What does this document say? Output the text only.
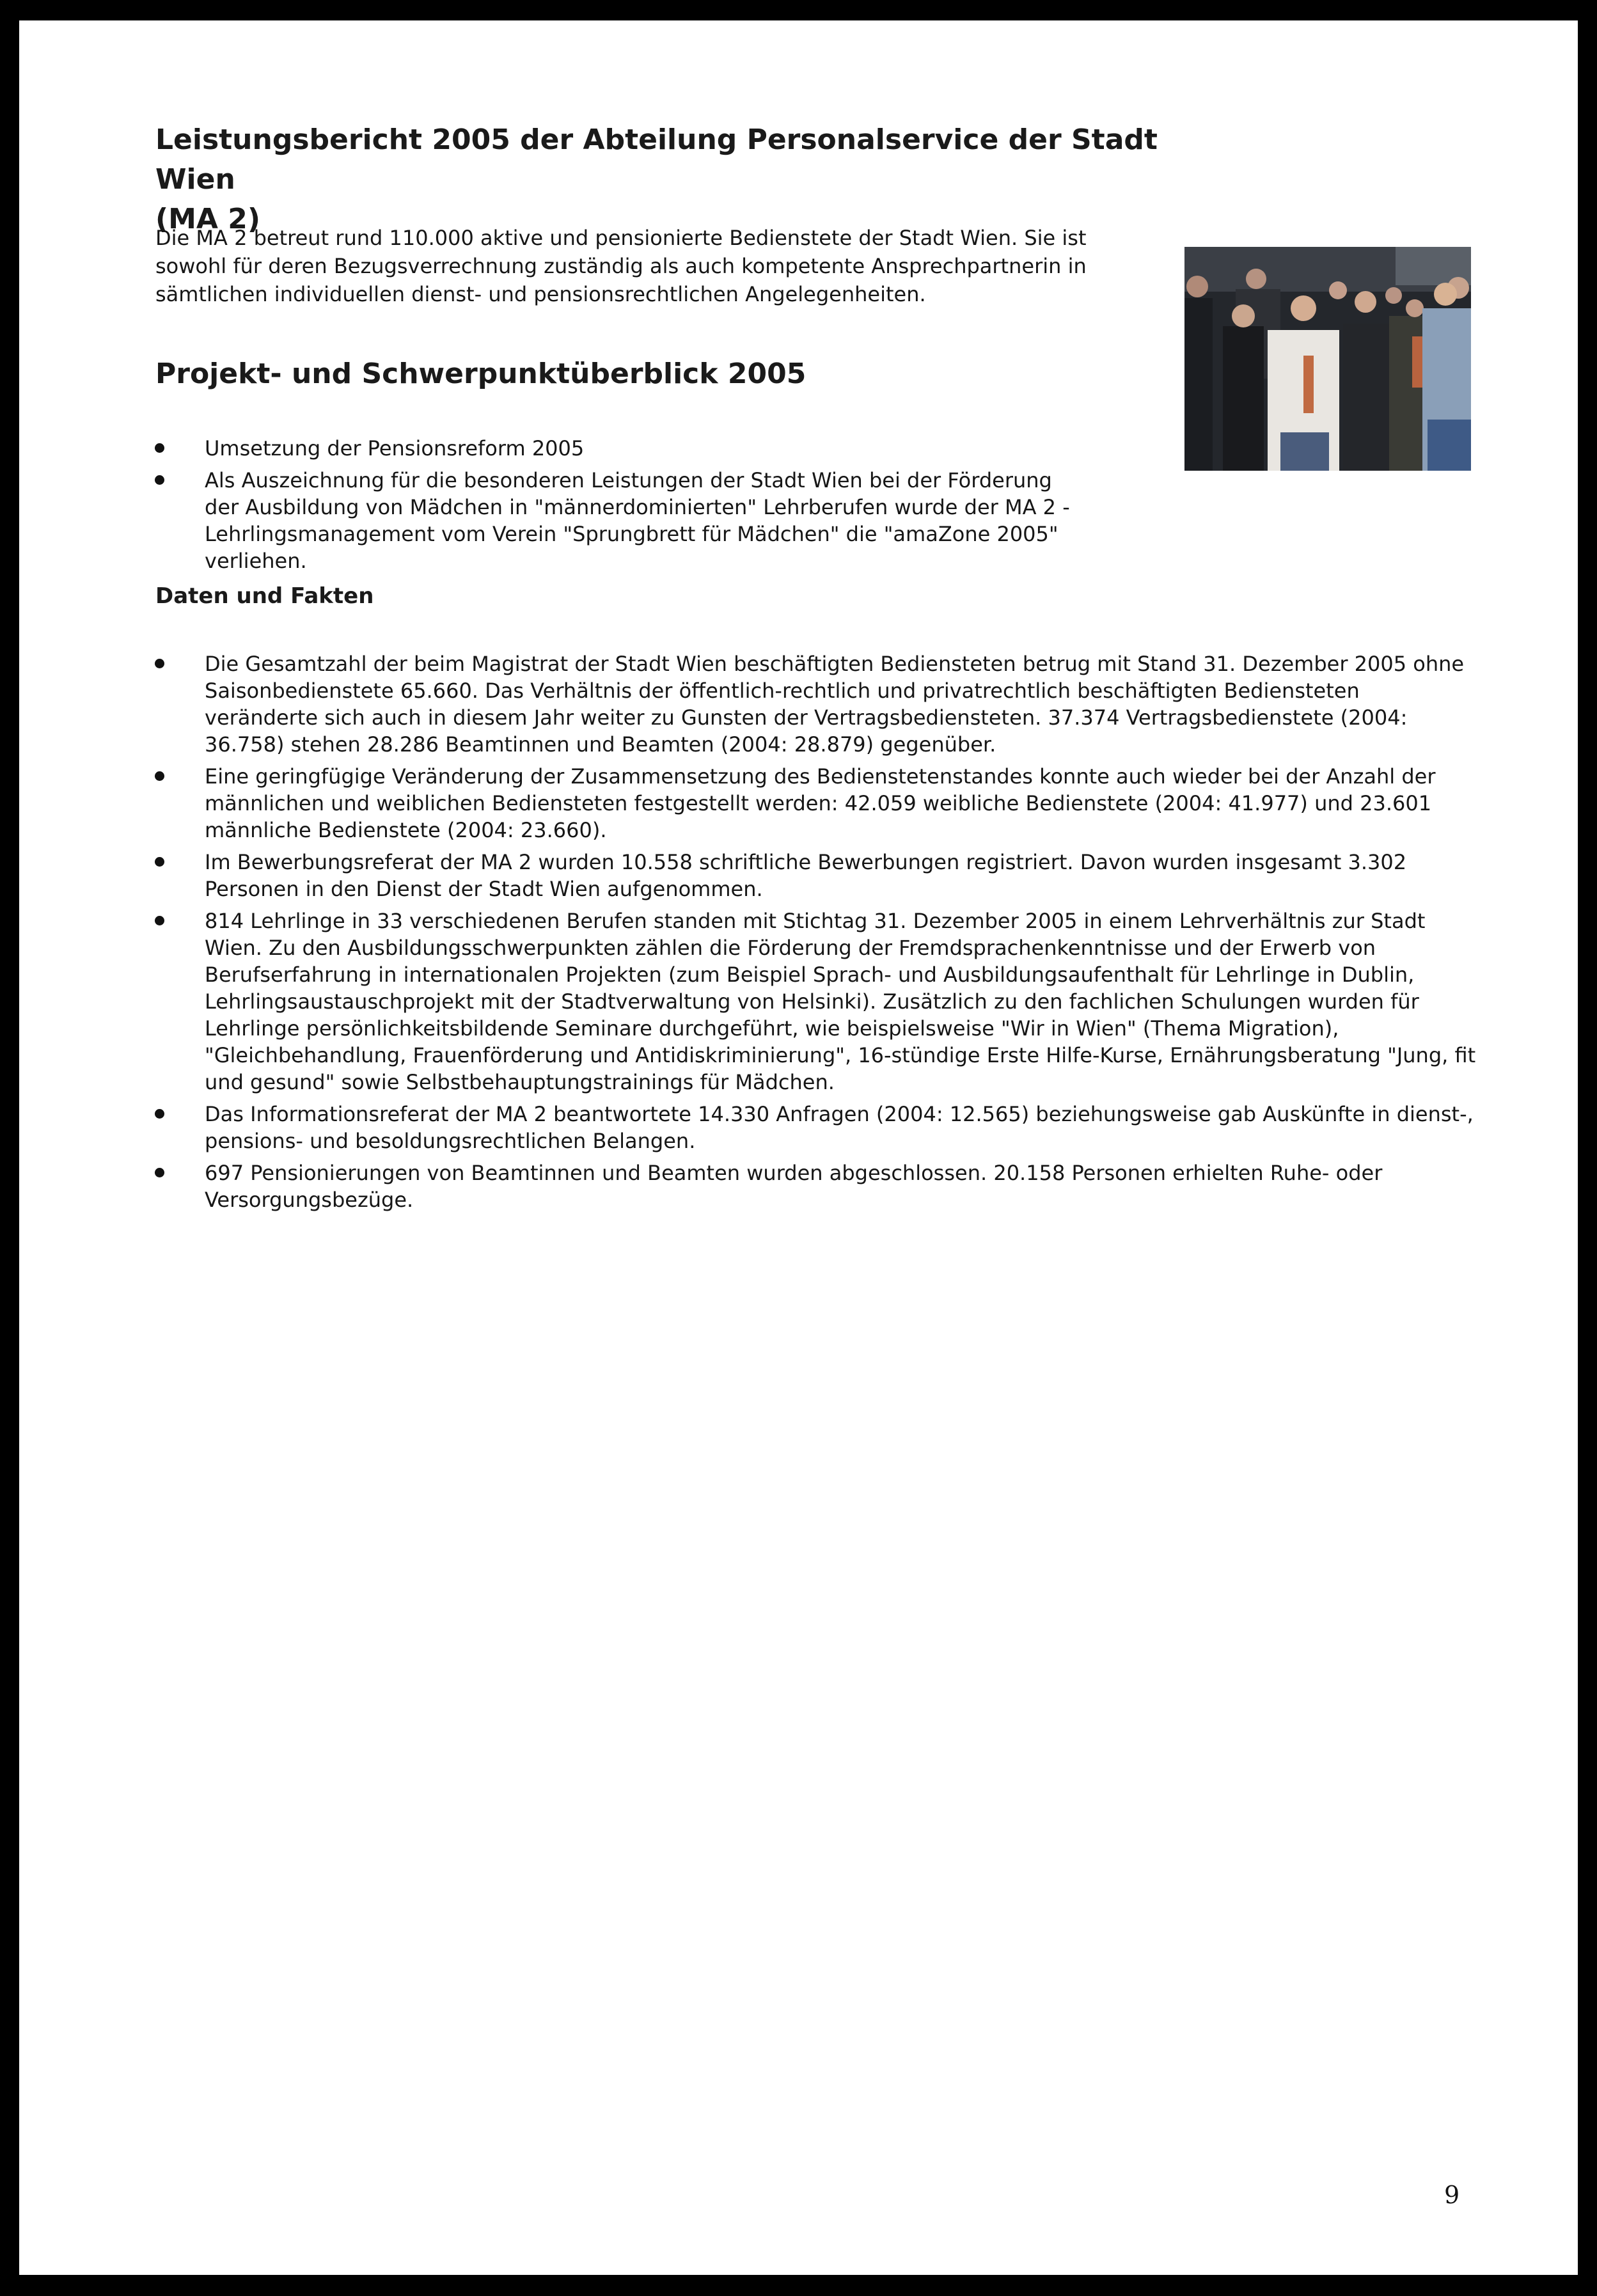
Leistungsbericht 2005 der Abteilung Personalservice der Stadt Wien
(MA 2)

Die MA 2 betreut rund 110.000 aktive und pensionierte Bedienstete der Stadt Wien. Sie ist sowohl für deren Bezugsverrechnung zuständig als auch kompetente Ansprechpartnerin in sämtlichen individuellen dienst- und pensionsrechtlichen Angelegenheiten.

Projekt- und Schwerpunktüberblick 2005
Umsetzung der Pensionsreform 2005
Als Auszeichnung für die besonderen Leistungen der Stadt Wien bei der Förderung der Ausbildung von Mädchen in "männerdominierten" Lehrberufen wurde der MA 2 - Lehrlingsmanagement vom Verein "Sprungbrett für Mädchen" die "amaZone 2005" verliehen.
Daten und Fakten
Die Gesamtzahl der beim Magistrat der Stadt Wien beschäftigten Bediensteten betrug mit Stand 31. Dezember 2005 ohne Saisonbedienstete 65.660. Das Verhältnis der öffentlich-rechtlich und privatrechtlich beschäftigten Bediensteten veränderte sich auch in diesem Jahr weiter zu Gunsten der Vertragsbediensteten. 37.374 Vertragsbedienstete (2004: 36.758) stehen 28.286 Beamtinnen und Beamten (2004: 28.879) gegenüber.
Eine geringfügige Veränderung der Zusammensetzung des Bedienstetenstandes konnte auch wieder bei der Anzahl der männlichen und weiblichen Bediensteten festgestellt werden: 42.059 weibliche Bedienstete (2004: 41.977) und 23.601 männliche Bedienstete (2004: 23.660).
Im Bewerbungsreferat der MA 2 wurden 10.558 schriftliche Bewerbungen registriert. Davon wurden insgesamt 3.302 Personen in den Dienst der Stadt Wien aufgenommen.
814 Lehrlinge in 33 verschiedenen Berufen standen mit Stichtag 31. Dezember 2005 in einem Lehrverhältnis zur Stadt Wien. Zu den Ausbildungsschwerpunkten zählen die Förderung der Fremdsprachenkenntnisse und der Erwerb von Berufserfahrung in internationalen Projekten (zum Beispiel Sprach- und Ausbildungsaufenthalt für Lehrlinge in Dublin, Lehrlingsaustauschprojekt mit der Stadtverwaltung von Helsinki). Zusätzlich zu den fachlichen Schulungen wurden für Lehrlinge persönlichkeitsbildende Seminare durchgeführt, wie beispielsweise "Wir in Wien" (Thema Migration), "Gleichbehandlung, Frauenförderung und Antidiskriminierung", 16-stündige Erste Hilfe-Kurse, Ernährungsberatung "Jung, fit und gesund" sowie Selbstbehauptungstrainings für Mädchen.
Das Informationsreferat der MA 2 beantwortete 14.330 Anfragen (2004: 12.565) beziehungsweise gab Auskünfte in dienst-, pensions- und besoldungsrechtlichen Belangen.
697 Pensionierungen von Beamtinnen und Beamten wurden abgeschlossen. 20.158 Personen erhielten Ruhe- oder Versorgungsbezüge.
9
